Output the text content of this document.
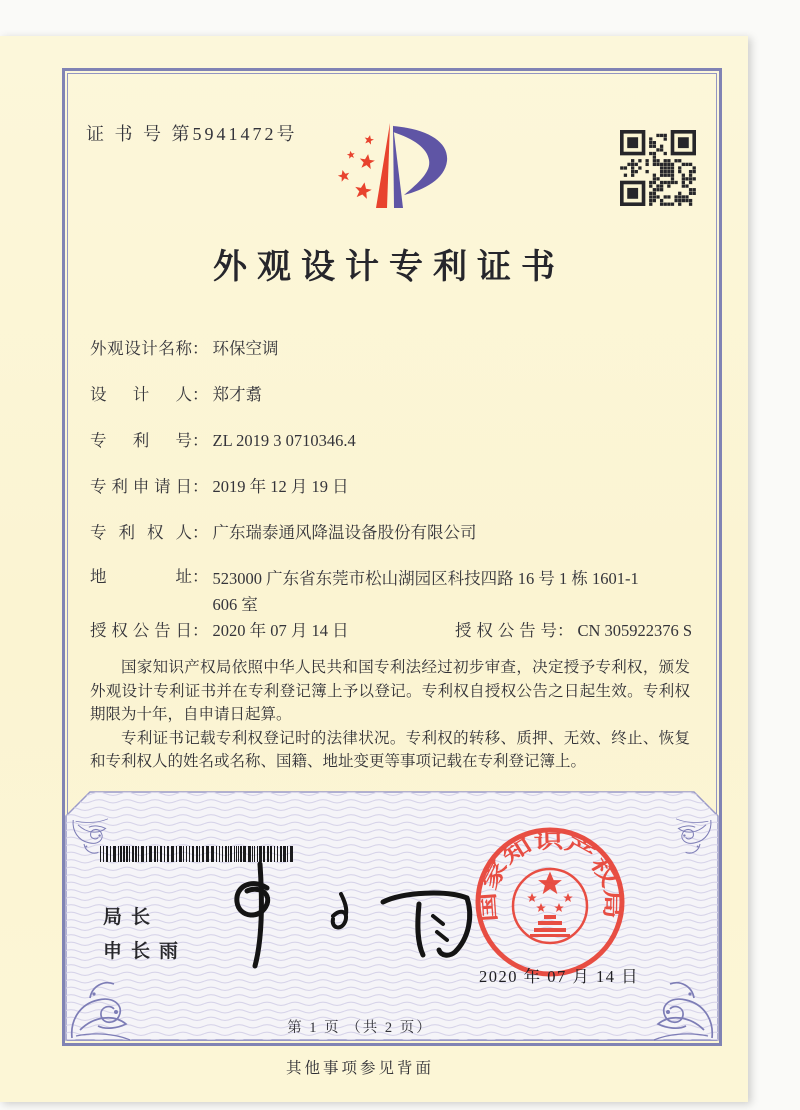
证 书 号 第5941472号
外观设计专利证书
外观设计名称 ： 环保空调
设计人 ： 郑才翥
专利号 ： ZL 2019 3 0710346.4
专利申请日 ： 2019 年 12 月 19 日
专利权人 ： 广东瑞泰通风降温设备股份有限公司
地址 ： 523000 广东省东莞市松山湖园区科技四路 16 号 1 栋 1601-1
606 室
授权公告日 ： 2020 年 07 月 14 日	授权公告号 ： CN 305922376 S

国家知识产权局依照中华人民共和国专利法经过初步审查，决定授予专利权，颁发外观设计专利证书并在专利登记簿上予以登记。专利权自授权公告之日起生效。专利权期限为十年，自申请日起算。

专利证书记载专利权登记时的法律状况。专利权的转移、质押、无效、终止、恢复和专利权人的姓名或名称、国籍、地址变更等事项记载在专利登记簿上。

局长
申长雨
国家知识产权局
2020 年 07 月 14 日
第 1 页 （共 2 页）
其他事项参见背面
